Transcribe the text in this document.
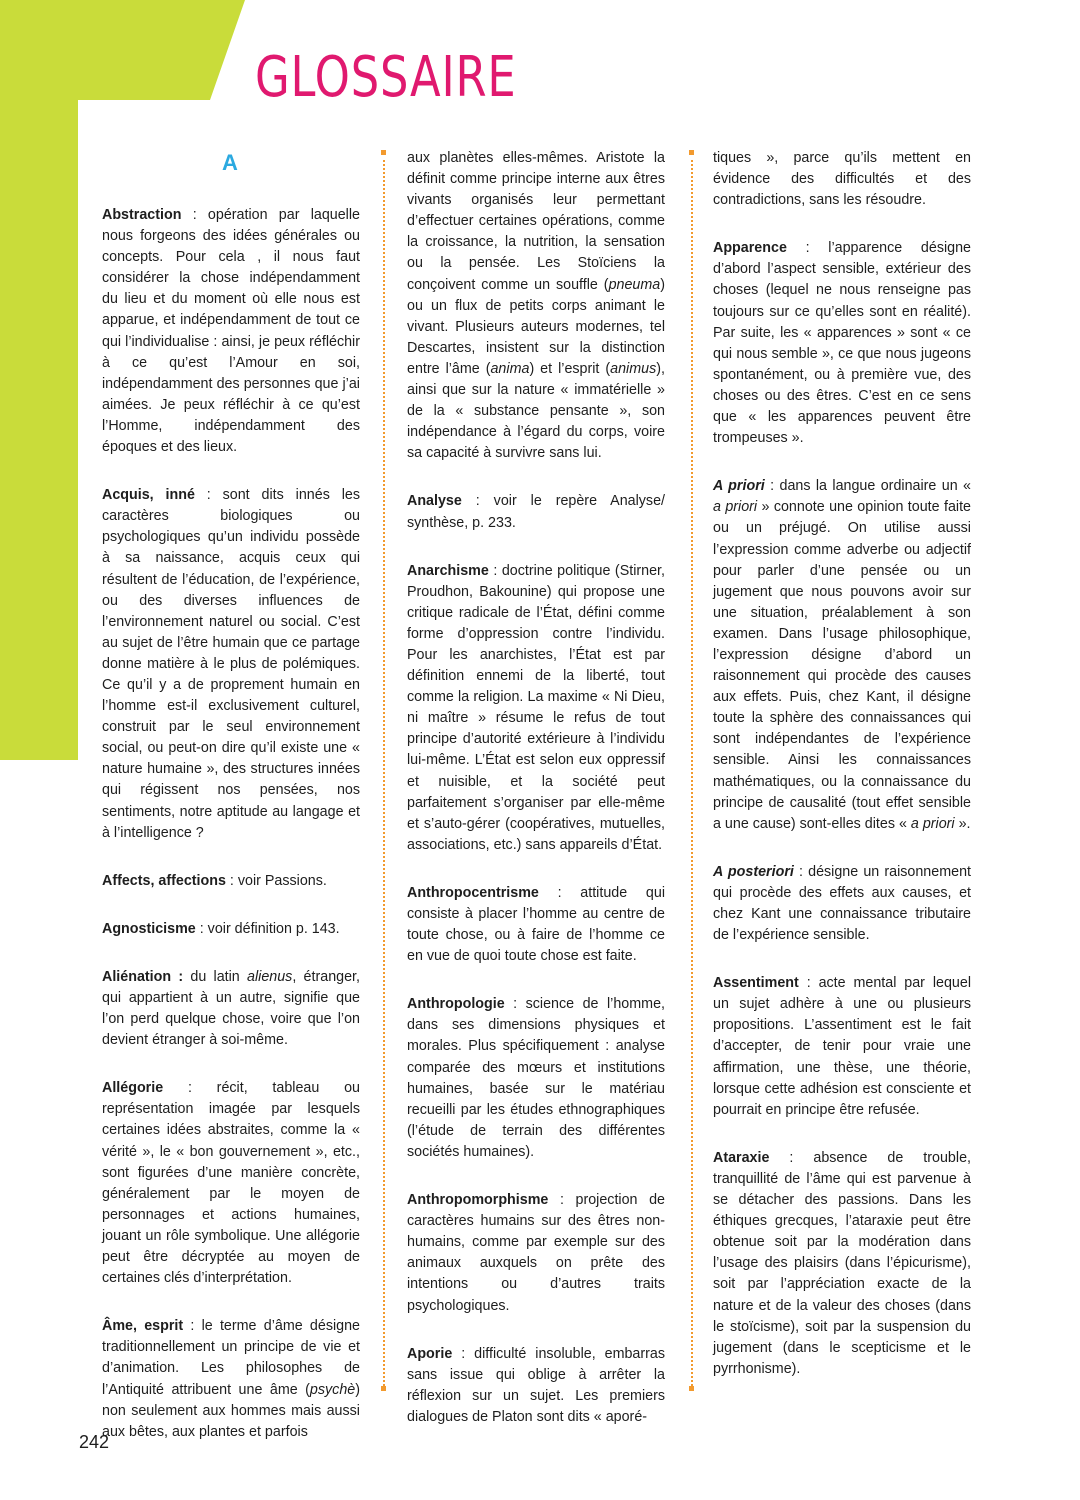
GLOSSAIRE
A

Abstraction : opération par laquelle nous forgeons des idées générales ou concepts. Pour cela , il nous faut considérer la chose indépendamment du lieu et du moment où elle nous est apparue, et indépendamment de tout ce qui l’individualise : ainsi, je peux réfléchir à ce qu’est l’Amour en soi, indépendamment des personnes que j’ai aimées. Je peux réfléchir à ce qu’est l’Homme, indépendamment des époques et des lieux.

Acquis, inné : sont dits innés les caractères biologiques ou psychologiques qu’un individu possède à sa naissance, acquis ceux qui résultent de l’éducation, de l’expérience, ou des diverses influences de l’environnement naturel ou social. C’est au sujet de l’être humain que ce partage donne matière à le plus de polémiques. Ce qu’il y a de proprement humain en l’homme est-il exclusivement culturel, construit par le seul environnement social, ou peut-on dire qu’il existe une « nature humaine », des structures innées qui régissent nos pensées, nos sentiments, notre aptitude au langage et à l’intelligence ?

Affects, affections : voir Passions.

Agnosticisme : voir définition p. 143.

Aliénation : du latin alienus, étranger, qui appartient à un autre, signifie que l’on perd quelque chose, voire que l’on devient étranger à soi-même.

Allégorie : récit, tableau ou représentation imagée par lesquels certaines idées abstraites, comme la « vérité », le « bon gouvernement », etc., sont figurées d’une manière concrète, généralement par le moyen de personnages et actions humaines, jouant un rôle symbolique. Une allégorie peut être décryptée au moyen de certaines clés d’interprétation.

Âme, esprit : le terme d’âme désigne traditionnellement un principe de vie et d’animation. Les philosophes de l’Antiquité attribuent une âme (psychè) non seulement aux hommes mais aussi aux bêtes, aux plantes et parfois

aux planètes elles-mêmes. Aristote la définit comme principe interne aux êtres vivants organisés leur permettant d’effectuer certaines opérations, comme la croissance, la nutrition, la sensation ou la pensée. Les Stoïciens la conçoivent comme un souffle (pneuma) ou un flux de petits corps animant le vivant. Plusieurs auteurs modernes, tel Descartes, insistent sur la distinction entre l’âme (anima) et l’esprit (animus), ainsi que sur la nature « immatérielle » de la « substance pensante », son indépendance à l’égard du corps, voire sa capacité à survivre sans lui.

Analyse : voir le repère Analyse/ synthèse, p. 233.

Anarchisme : doctrine politique (Stirner, Proudhon, Bakounine) qui propose une critique radicale de l’État, défini comme forme d’oppression contre l’individu. Pour les anarchistes, l’État est par définition ennemi de la liberté, tout comme la religion. La maxime « Ni Dieu, ni maître » résume le refus de tout principe d’autorité extérieure à l’individu lui-même. L’État est selon eux oppressif et nuisible, et la société peut parfaitement s’organiser par elle-même et s’auto-gérer (coopératives, mutuelles, associations, etc.) sans appareils d’État.

Anthropocentrisme : attitude qui consiste à placer l’homme au centre de toute chose, ou à faire de l’homme ce en vue de quoi toute chose est faite.

Anthropologie : science de l’homme, dans ses dimensions physiques et morales. Plus spécifiquement : analyse comparée des mœurs et institutions humaines, basée sur le matériau recueilli par les études ethnographiques (l’étude de terrain des différentes sociétés humaines).

Anthropomorphisme : projection de caractères humains sur des êtres non-humains, comme par exemple sur des animaux auxquels on prête des intentions ou d’autres traits psychologiques.

Aporie : difficulté insoluble, embarras sans issue qui oblige à arrêter la réflexion sur un sujet. Les premiers dialogues de Platon sont dits « aporé-

tiques », parce qu’ils mettent en évidence des difficultés et des contradictions, sans les résoudre.

Apparence : l’apparence désigne d’abord l’aspect sensible, extérieur des choses (lequel ne nous renseigne pas toujours sur ce qu’elles sont en réalité). Par suite, les « apparences » sont « ce qui nous semble », ce que nous jugeons spontanément, ou à première vue, des choses ou des êtres. C’est en ce sens que « les apparences peuvent être trompeuses ».

A priori : dans la langue ordinaire un « a priori » connote une opinion toute faite ou un préjugé. On utilise aussi l’expression comme adverbe ou adjectif pour parler d’une pensée ou un jugement que nous pouvons avoir sur une situation, préalablement à son examen. Dans l’usage philosophique, l’expression désigne d’abord un raisonnement qui procède des causes aux effets. Puis, chez Kant, il désigne toute la sphère des connaissances qui sont indépendantes de l’expérience sensible. Ainsi les connaissances mathématiques, ou la connaissance du principe de causalité (tout effet sensible a une cause) sont-elles dites « a priori ».

A posteriori : désigne un raisonnement qui procède des effets aux causes, et chez Kant une connaissance tributaire de l’expérience sensible.

Assentiment : acte mental par lequel un sujet adhère à une ou plusieurs propositions. L’assentiment est le fait d’accepter, de tenir pour vraie une affirmation, une thèse, une théorie, lorsque cette adhésion est consciente et pourrait en principe être refusée.

Ataraxie : absence de trouble, tranquillité de l’âme qui est parvenue à se détacher des passions. Dans les éthiques grecques, l’ataraxie peut être obtenue soit par la modération dans l’usage des plaisirs (dans l’épicurisme), soit par l’appréciation exacte de la nature et de la valeur des choses (dans le stoïcisme), soit par la suspension du jugement (dans le scepticisme et le pyrrhonisme).

242
